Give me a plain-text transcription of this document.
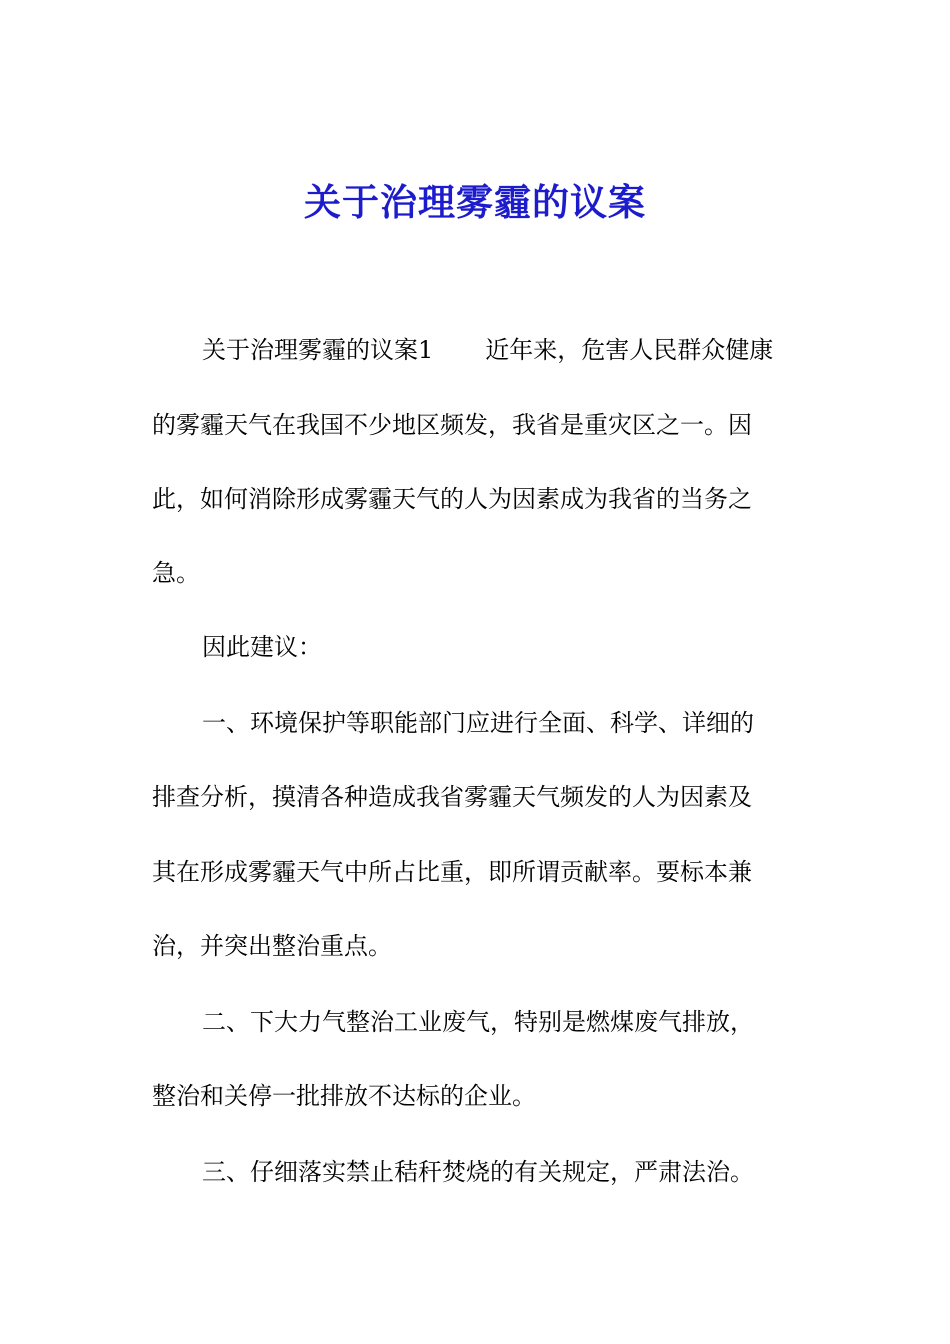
关于治理雾霾的议案
关于治理雾霾的议案1 近年来，危害人民群众健康
的雾霾天气在我国不少地区频发，我省是重灾区之一。因
此，如何消除形成雾霾天气的人为因素成为我省的当务之
急。
因此建议：
一、环境保护等职能部门应进行全面、科学、详细的
排查分析，摸清各种造成我省雾霾天气频发的人为因素及
其在形成雾霾天气中所占比重，即所谓贡献率。要标本兼
治，并突出整治重点。
二、下大力气整治工业废气，特别是燃煤废气排放，
整治和关停一批排放不达标的企业。
三、仔细落实禁止秸秆焚烧的有关规定，严肃法治。
